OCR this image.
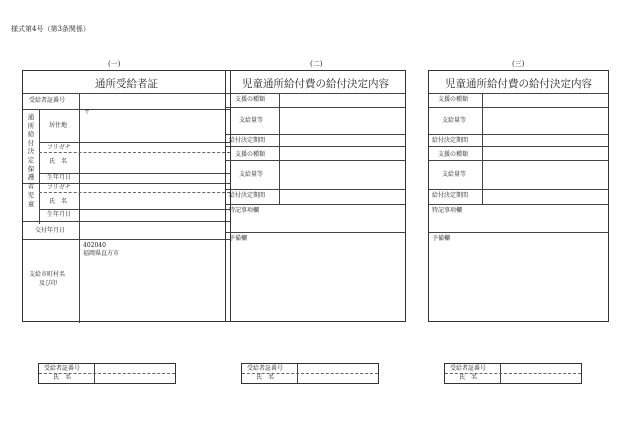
様式第4号（第3条関係）
(一)
通所受給者証
受給者証番号
通所給付決定保護者
居住地
〒
フリガナ
氏　名
生年月日
児童
フリガナ
氏　名
生年月日
交付年月日
支給市町村名
及び印
402040
福岡県直方市
(二)
児童通所給付費の給付決定内容
支援の種類
支給量等
給付決定期間
支援の種類
支給量等
給付決定期間
特記事項欄
予備欄
(三)
児童通所給付費の給付決定内容
支援の種類
支給量等
給付決定期間
支援の種類
支給量等
給付決定期間
特記事項欄
予備欄
受給者証番号
氏　名
受給者証番号
氏　名
受給者証番号
氏　名
